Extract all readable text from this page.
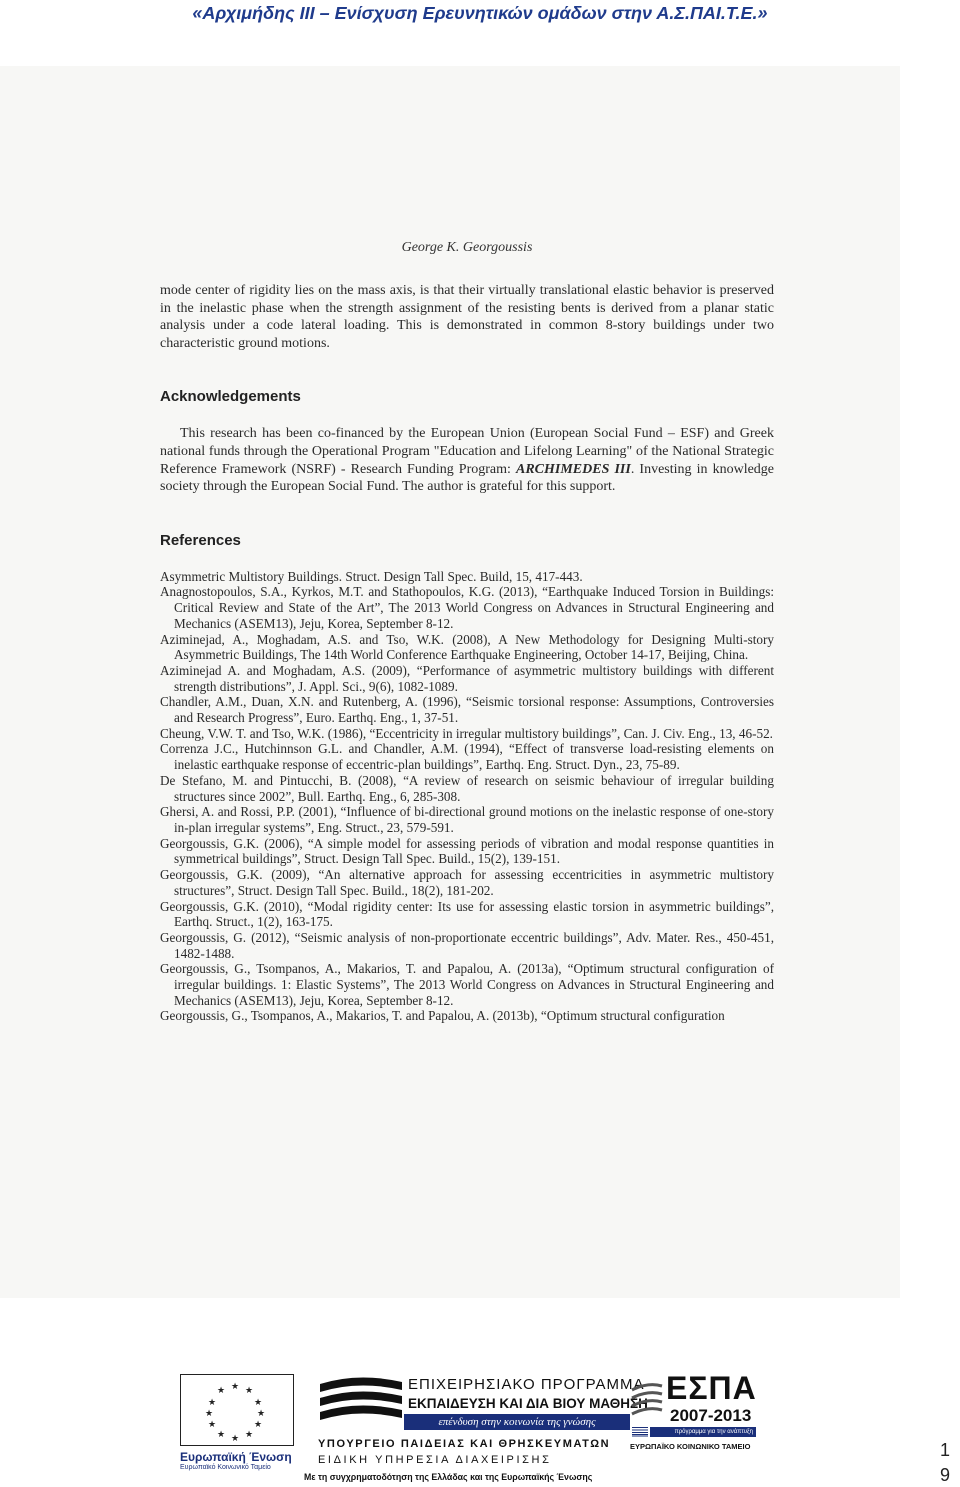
«Αρχιμήδης ΙΙΙ – Ενίσχυση Ερευνητικών ομάδων στην Α.Σ.ΠΑΙ.Τ.Ε.»
George K. Georgoussis

mode center of rigidity lies on the mass axis, is that their virtually translational elastic behavior is preserved in the inelastic phase when the strength assignment of the resisting bents is derived from a planar static analysis under a code lateral loading. This is demonstrated in common 8-story buildings under two characteristic ground motions.

Acknowledgements

This research has been co-financed by the European Union (European Social Fund – ESF) and Greek national funds through the Operational Program "Education and Lifelong Learning" of the National Strategic Reference Framework (NSRF) - Research Funding Program: ARCHIMEDES III. Investing in knowledge society through the European Social Fund. The author is grateful for this support.

References

Asymmetric Multistory Buildings. Struct. Design Tall Spec. Build, 15, 417-443.

Anagnostopoulos, S.A., Kyrkos, M.T. and Stathopoulos, K.G. (2013), “Earthquake Induced Torsion in Buildings: Critical Review and State of the Art”, The 2013 World Congress on Advances in Structural Engineering and Mechanics (ASEM13), Jeju, Korea, September 8-12.

Aziminejad, A., Moghadam, A.S. and Tso, W.K. (2008), A New Methodology for Designing Multi-story Asymmetric Buildings, The 14th World Conference Earthquake Engineering, October 14-17, Beijing, China.

Aziminejad A. and Moghadam, A.S. (2009), “Performance of asymmetric multistory buildings with different strength distributions”, J. Appl. Sci., 9(6), 1082-1089.

Chandler, A.M., Duan, X.N. and Rutenberg, A. (1996), “Seismic torsional response: Assumptions, Controversies and Research Progress”, Euro. Earthq. Eng., 1, 37-51.

Cheung, V.W. T. and Tso, W.K. (1986), “Eccentricity in irregular multistory buildings”, Can. J. Civ. Eng., 13, 46-52.

Correnza J.C., Hutchinnson G.L. and Chandler, A.M. (1994), “Effect of transverse load-resisting elements on inelastic earthquake response of eccentric-plan buildings”, Earthq. Eng. Struct. Dyn., 23, 75-89.

De Stefano, M. and Pintucchi, B. (2008), “A review of research on seismic behaviour of irregular building structures since 2002”, Bull. Earthq. Eng., 6, 285-308.

Ghersi, A. and Rossi, P.P. (2001), “Influence of bi-directional ground motions on the inelastic response of one-story in-plan irregular systems”, Eng. Struct., 23, 579-591.

Georgoussis, G.K. (2006), “A simple model for assessing periods of vibration and modal response quantities in symmetrical buildings”, Struct. Design Tall Spec. Build., 15(2), 139-151.

Georgoussis, G.K. (2009), “An alternative approach for assessing eccentricities in asymmetric multistory structures”, Struct. Design Tall Spec. Build., 18(2), 181-202.

Georgoussis, G.K. (2010), “Modal rigidity center: Its use for assessing elastic torsion in asymmetric buildings”, Earthq. Struct., 1(2), 163-175.

Georgoussis, G. (2012), “Seismic analysis of non-proportionate eccentric buildings”, Adv. Mater. Res., 450-451, 1482-1488.

Georgoussis, G., Tsompanos, A., Makarios, T. and Papalou, A. (2013a), “Optimum structural configuration of irregular buildings. 1: Elastic Systems”, The 2013 World Congress on Advances in Structural Engineering and Mechanics (ASEM13), Jeju, Korea, September 8-12.

Georgoussis, G., Tsompanos, A., Makarios, T. and Papalou, A. (2013b), “Optimum structural configuration

★ ★
★
★
★
★
★
★
★
★
★
★
Ευρωπαϊκή Ένωση
Ευρωπαϊκό Κοινωνικό Ταμείο
ΕΠΙΧΕΙΡΗΣΙΑΚΟ ΠΡΟΓΡΑΜΜΑ
ΕΚΠΑΙΔΕΥΣΗ ΚΑΙ ΔΙΑ ΒΙΟΥ ΜΑΘΗΣΗ
επένδυση στην κοινωνία της γνώσης
ΥΠΟΥΡΓΕΙΟ ΠΑΙΔΕΙΑΣ ΚΑΙ ΘΡΗΣΚΕΥΜΑΤΩΝ
ΕΙΔΙΚΗ ΥΠΗΡΕΣΙΑ ΔΙΑΧΕΙΡΙΣΗΣ
Με τη συγχρηματοδότηση της Ελλάδας και της Ευρωπαϊκής Ένωσης
ΕΣΠΑ
2007-2013
πρόγραμμα για την ανάπτυξη
ΕΥΡΩΠΑΪΚΟ ΚΟΙΝΩΝΙΚΟ ΤΑΜΕΙΟ	1
9
